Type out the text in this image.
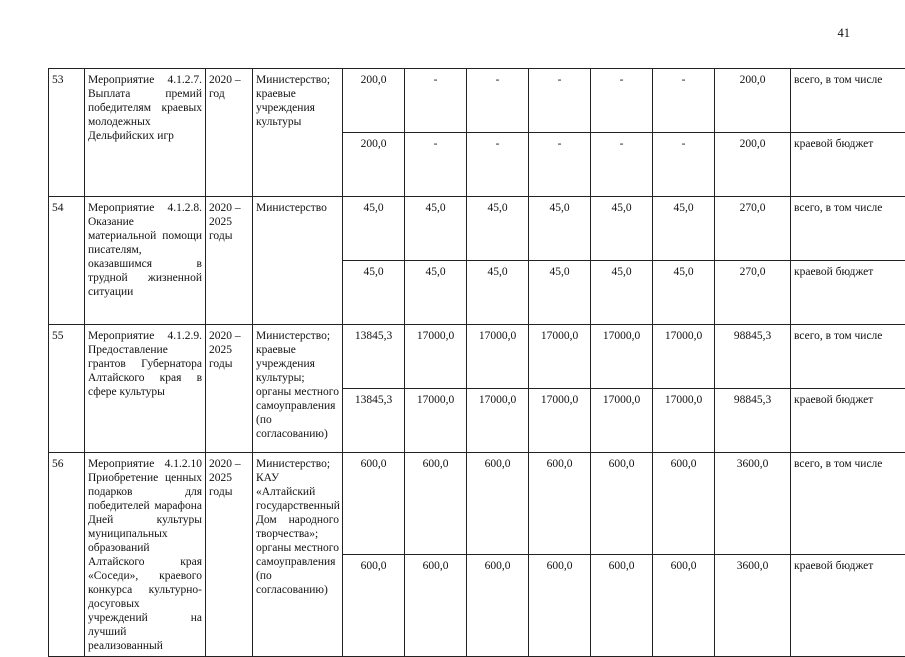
41
53	Мероприятие 4.1.2.7. Выплата премий победителям краевых молодежных Дельфийских игр	2020 – год	Министерство; краевые учреждения культуры	200,0	-	-	-	-	-	200,0	всего, в том числе
				200,0	-	-	-	-	-	200,0	краевой бюджет
54	Мероприятие 4.1.2.8. Оказание материальной помощи писателям, оказавшимся в трудной жизненной ситуации	2020 – 2025 годы	Министерство	45,0	45,0	45,0	45,0	45,0	45,0	270,0	всего, в том числе
				45,0	45,0	45,0	45,0	45,0	45,0	270,0	краевой бюджет
55	Мероприятие 4.1.2.9. Предоставление грантов Губернатора Алтайского края в сфере культуры	2020 – 2025 годы	Министерство; краевые учреждения культуры; органы местного самоуправления (по согласованию)	13845,3	17000,0	17000,0	17000,0	17000,0	17000,0	98845,3	всего, в том числе
				13845,3	17000,0	17000,0	17000,0	17000,0	17000,0	98845,3	краевой бюджет
56	Мероприятие 4.1.2.10 Приобретение ценных подарков для победителей марафона Дней культуры муниципальных образований Алтайского края «Соседи», краевого конкурса культурно-досуговых учреждений на лучший реализованный	2020 – 2025 годы	Министерство; КАУ «Алтайский государственный Дом народного творчества»; органы местного самоуправления (по согласованию)	600,0	600,0	600,0	600,0	600,0	600,0	3600,0	всего, в том числе
				600,0	600,0	600,0	600,0	600,0	600,0	3600,0	краевой бюджет
